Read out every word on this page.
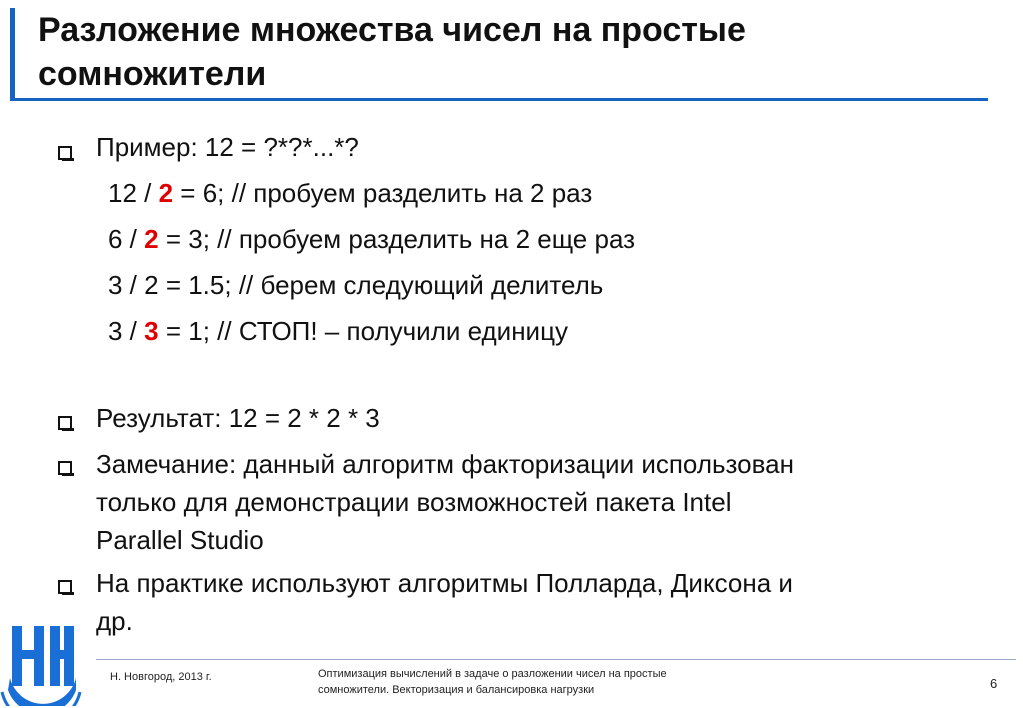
Разложение множества чисел на простые сомножители
Пример: 12 = ?*?*...*?
12 / 2 = 6; // пробуем разделить на 2 раз
6 / 2 = 3; // пробуем разделить на 2 еще раз
3 / 2 = 1.5; // берем следующий делитель
3 / 3 = 1; // СТОП! – получили единицу
Результат: 12 = 2 * 2 * 3
Замечание: данный алгоритм факторизации использован
только для демонстрации возможностей пакета Intel
Parallel Studio
На практике используют алгоритмы Полларда, Диксона и
др.
Н. Новгород, 2013 г.	Оптимизация вычислений в задаче о разложении чисел на простые
сомножители. Векторизация и балансировка нагрузки	6
